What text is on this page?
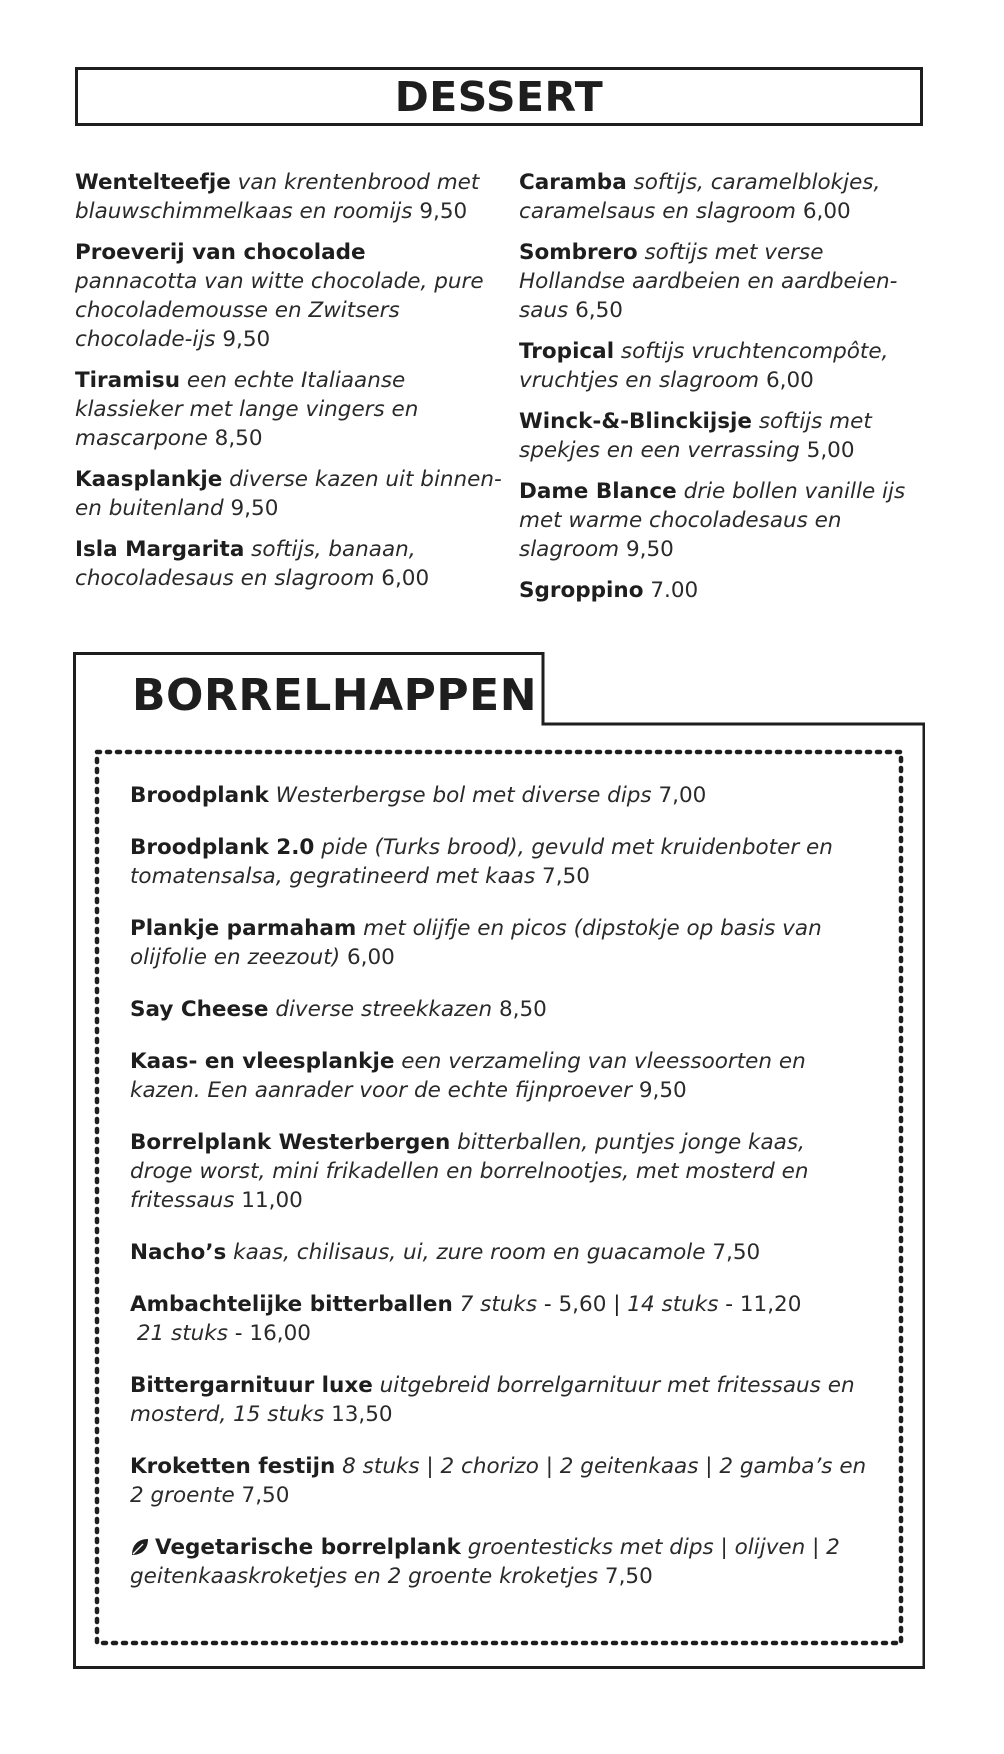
DESSERT
Wentelteefje van krentenbrood met blauwschimmelkaas en roomijs 9,50
Proeverij van chocolade
pannacotta van witte chocolade, pure chocolademousse en Zwitsers chocolade-ijs 9,50
Tiramisu een echte Italiaanse klassieker met lange vingers en mascarpone 8,50
Kaasplankje diverse kazen uit binnen- en buitenland 9,50
Isla Margarita softijs, banaan, chocoladesaus en slagroom 6,00
Caramba softijs, caramelblokjes, caramelsaus en slagroom 6,00
Sombrero softijs met verse Hollandse aardbeien en aardbeien-saus 6,50
Tropical softijs vruchtencompôte, vruchtjes en slagroom 6,00
Winck-&-Blinckijsje softijs met spekjes en een verrassing 5,00
Dame Blance drie bollen vanille ijs met warme chocoladesaus en slagroom 9,50
Sgroppino 7.00
BORRELHAPPEN
Broodplank Westerbergse bol met diverse dips 7,00
Broodplank 2.0 pide (Turks brood), gevuld met kruidenboter en tomatensalsa, gegratineerd met kaas 7,50
Plankje parmaham met olijfje en picos (dipstokje op basis van olijfolie en zeezout) 6,00
Say Cheese diverse streekkazen 8,50
Kaas- en vleesplankje een verzameling van vleessoorten en kazen. Een aanrader voor de echte fijnproever 9,50
Borrelplank Westerbergen bitterballen, puntjes jonge kaas, droge worst, mini frikadellen en borrelnootjes, met mosterd en fritessaus 11,00
Nacho’s kaas, chilisaus, ui, zure room en guacamole 7,50
Ambachtelijke bitterballen 7 stuks - 5,60 | 14 stuks - 11,20
21 stuks - 16,00
Bittergarnituur luxe uitgebreid borrelgarnituur met fritessaus en mosterd, 15 stuks 13,50
Kroketten festijn 8 stuks | 2 chorizo | 2 geitenkaas | 2 gamba’s en 2 groente 7,50
Vegetarische borrelplank groentesticks met dips | olijven | 2 geitenkaaskroketjes en 2 groente kroketjes 7,50
